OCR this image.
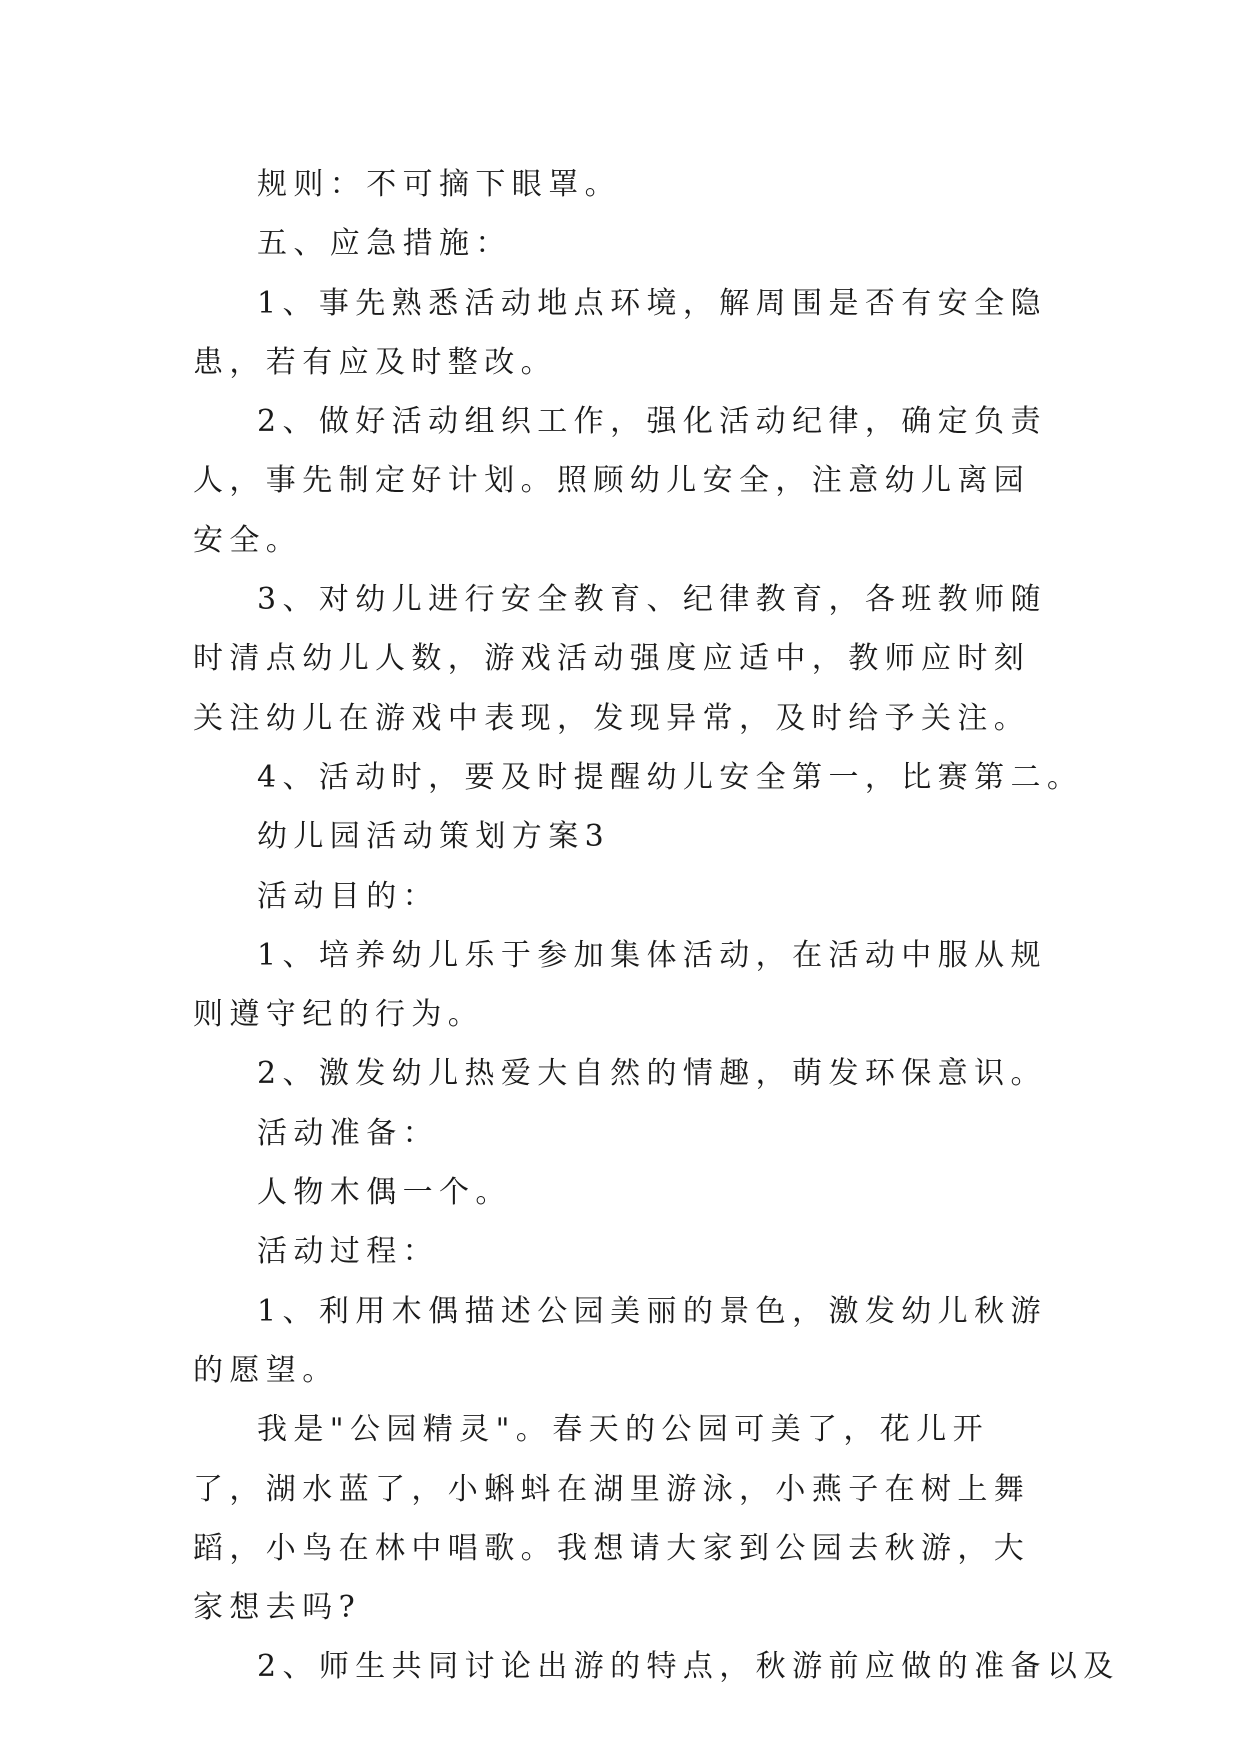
规则：不可摘下眼罩。

五、应急措施：

1、事先熟悉活动地点环境，解周围是否有安全隐患，若有应及时整改。

2、做好活动组织工作，强化活动纪律，确定负责人，事先制定好计划。照顾幼儿安全，注意幼儿离园安全。

3、对幼儿进行安全教育、纪律教育，各班教师随时清点幼儿人数，游戏活动强度应适中，教师应时刻关注幼儿在游戏中表现，发现异常，及时给予关注。

4、活动时，要及时提醒幼儿安全第一，比赛第二。

幼儿园活动策划方案3

活动目的：

1、培养幼儿乐于参加集体活动，在活动中服从规则遵守纪的行为。

2、激发幼儿热爱大自然的情趣，萌发环保意识。

活动准备：

人物木偶一个。

活动过程：

1、利用木偶描述公园美丽的景色，激发幼儿秋游的愿望。

我是"公园精灵"。春天的公园可美了，花儿开了，湖水蓝了，小蝌蚪在湖里游泳，小燕子在树上舞蹈，小鸟在林中唱歌。我想请大家到公园去秋游，大家想去吗?

2、师生共同讨论出游的特点，秋游前应做的准备以及
